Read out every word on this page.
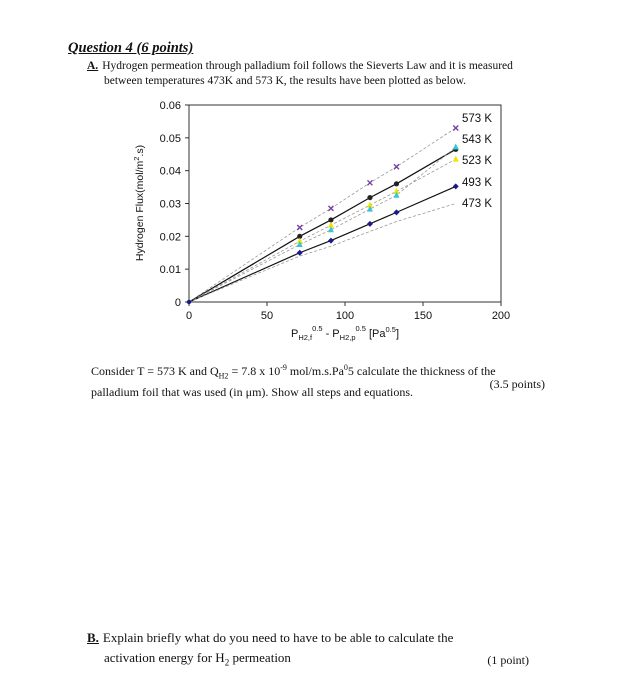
Question 4 (6 points)
A. Hydrogen permeation through palladium foil follows the Sieverts Law and it is measured
between temperatures 473K and 573 K, the results have been plotted as below.
0
0.01
0.02
0.03
0.04
0.05
0.06
0	50	100	150	200
573 K
543 K
523 K
493 K
473 K
Hydrogen $Flux(mol/m^2.s)$
$P_{H2,f}^{0.5} - P_{H2,p}^{0.5}$ $[Pa^{0.5}]$
Consider T = 573 K and $Q_{H2} = 7.8$ x $10^{-9}$ mol/m.s.Pa$^0$5 calculate the thickness of the
palladium foil that was used (in μm). Show all steps and equations.
(3.5 points)
B. Explain briefly what do you need to have to be able to calculate the
activation energy for $H_2$ permeation	(1 point)
